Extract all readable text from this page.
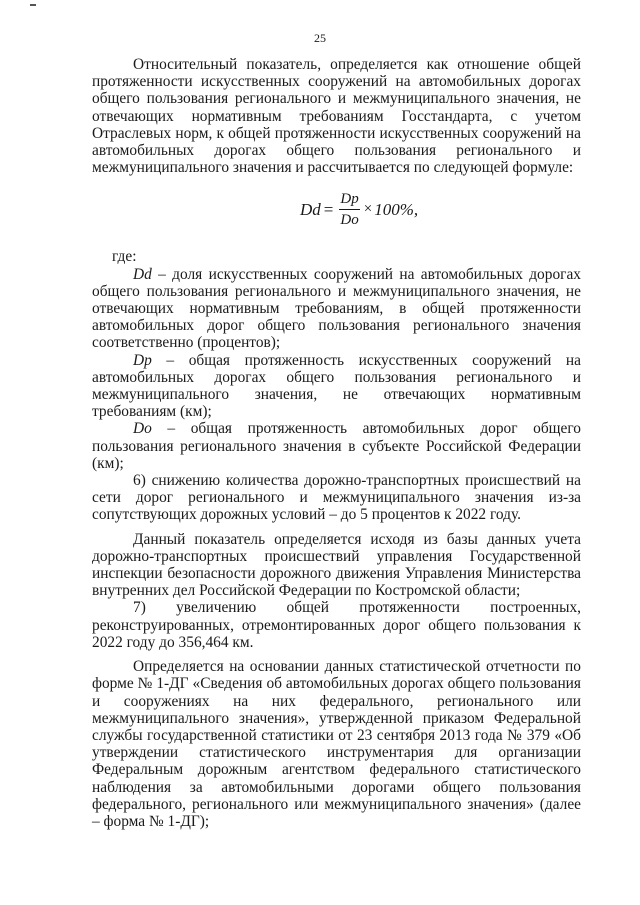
25

Относительный показатель, определяется как отношение общей протяженности искусственных сооружений на автомобильных дорогах общего пользования регионального и межмуниципального значения, не отвечающих нормативным требованиям Госстандарта, с учетом Отраслевых норм, к общей протяженности искусственных сооружений на автомобильных дорогах общего пользования регионального и межмуниципального значения и рассчитывается по следующей формуле:

$Dd = \frac{Dp}{Do} \times 100\%$,

где:

Dd – доля искусственных сооружений на автомобильных дорогах общего пользования регионального и межмуниципального значения, не отвечающих нормативным требованиям, в общей протяженности автомобильных дорог общего пользования регионального значения соответственно (процентов);

Dp – общая протяженность искусственных сооружений на автомобильных дорогах общего пользования регионального и межмуниципального значения, не отвечающих нормативным требованиям (км);

Do – общая протяженность автомобильных дорог общего пользования регионального значения в субъекте Российской Федерации (км);

6) снижению количества дорожно-транспортных происшествий на сети дорог регионального и межмуниципального значения из-за сопутствующих дорожных условий – до 5 процентов к 2022 году.

Данный показатель определяется исходя из базы данных учета дорожно-транспортных происшествий управления Государственной инспекции безопасности дорожного движения Управления Министерства внутренних дел Российской Федерации по Костромской области;

7) увеличению общей протяженности построенных, реконструированных, отремонтированных дорог общего пользования к 2022 году до 356,464 км.

Определяется на основании данных статистической отчетности по форме № 1-ДГ «Сведения об автомобильных дорогах общего пользования и сооружениях на них федерального, регионального или межмуниципального значения», утвержденной приказом Федеральной службы государственной статистики от 23 сентября 2013 года № 379 «Об утверждении статистического инструментария для организации Федеральным дорожным агентством федерального статистического наблюдения за автомобильными дорогами общего пользования федерального, регионального или межмуниципального значения» (далее – форма № 1-ДГ);
